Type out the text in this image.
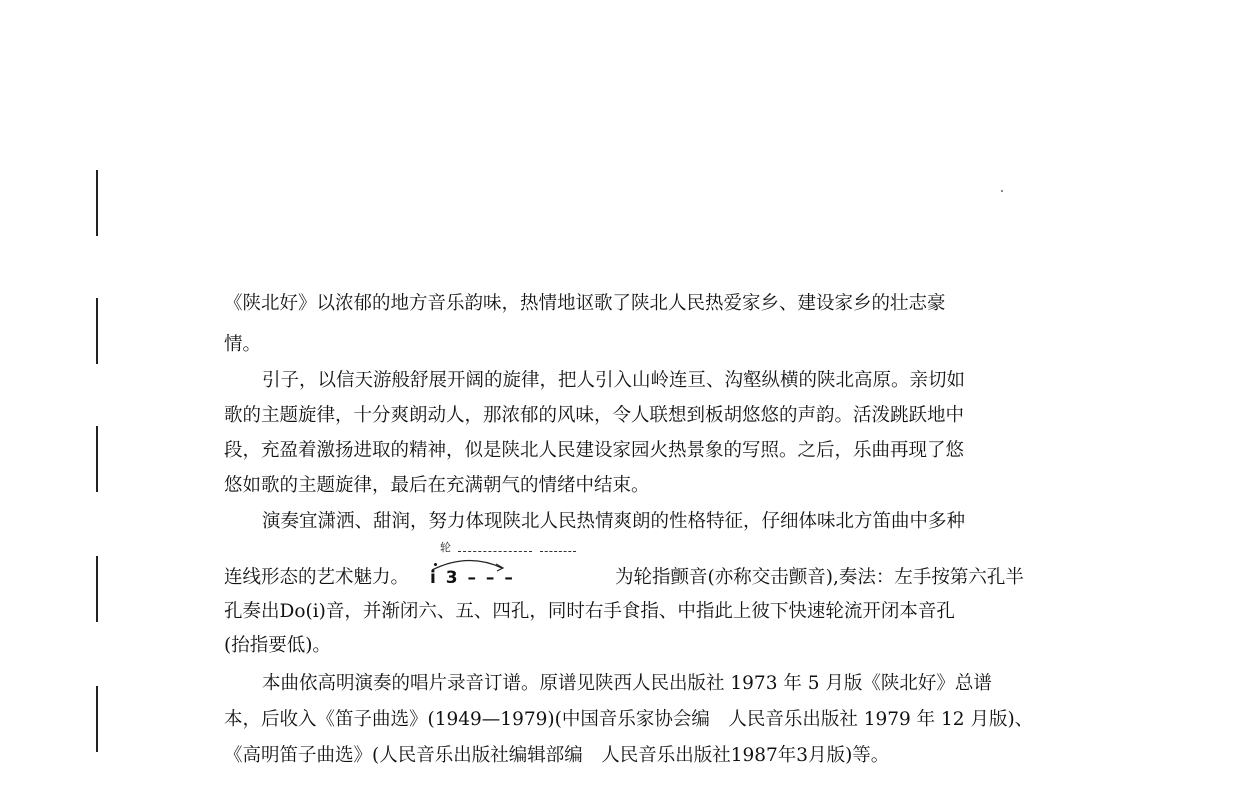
《陕北好》以浓郁的地方音乐韵味，热情地讴歌了陕北人民热爱家乡、建设家乡的壮志豪
情。
引子，以信天游般舒展开阔的旋律，把人引入山岭连亘、沟壑纵横的陕北高原。亲切如
歌的主题旋律，十分爽朗动人，那浓郁的风味，令人联想到板胡悠悠的声韵。活泼跳跃地中
段，充盈着激扬进取的精神，似是陕北人民建设家园火热景象的写照。之后，乐曲再现了悠
悠如歌的主题旋律，最后在充满朝气的情绪中结束。
演奏宜潇洒、甜润，努力体现陕北人民热情爽朗的性格特征，仔细体味北方笛曲中多种
连线形态的艺术魅力。	为轮指颤音(亦称交击颤音),奏法：左手按第六孔半
孔奏出Do(i)音，并渐闭六、五、四孔，同时右手食指、中指此上彼下快速轮流开闭本音孔
(抬指要低)。
本曲依高明演奏的唱片录音订谱。原谱见陕西人民出版社 1973 年 5 月版《陕北好》总谱
本，后收入《笛子曲选》(1949—1979)(中国音乐家协会编　人民音乐出版社 1979 年 12 月版)、
《高明笛子曲选》(人民音乐出版社编辑部编　人民音乐出版社1987年3月版)等。
轮
i 3 – – –
